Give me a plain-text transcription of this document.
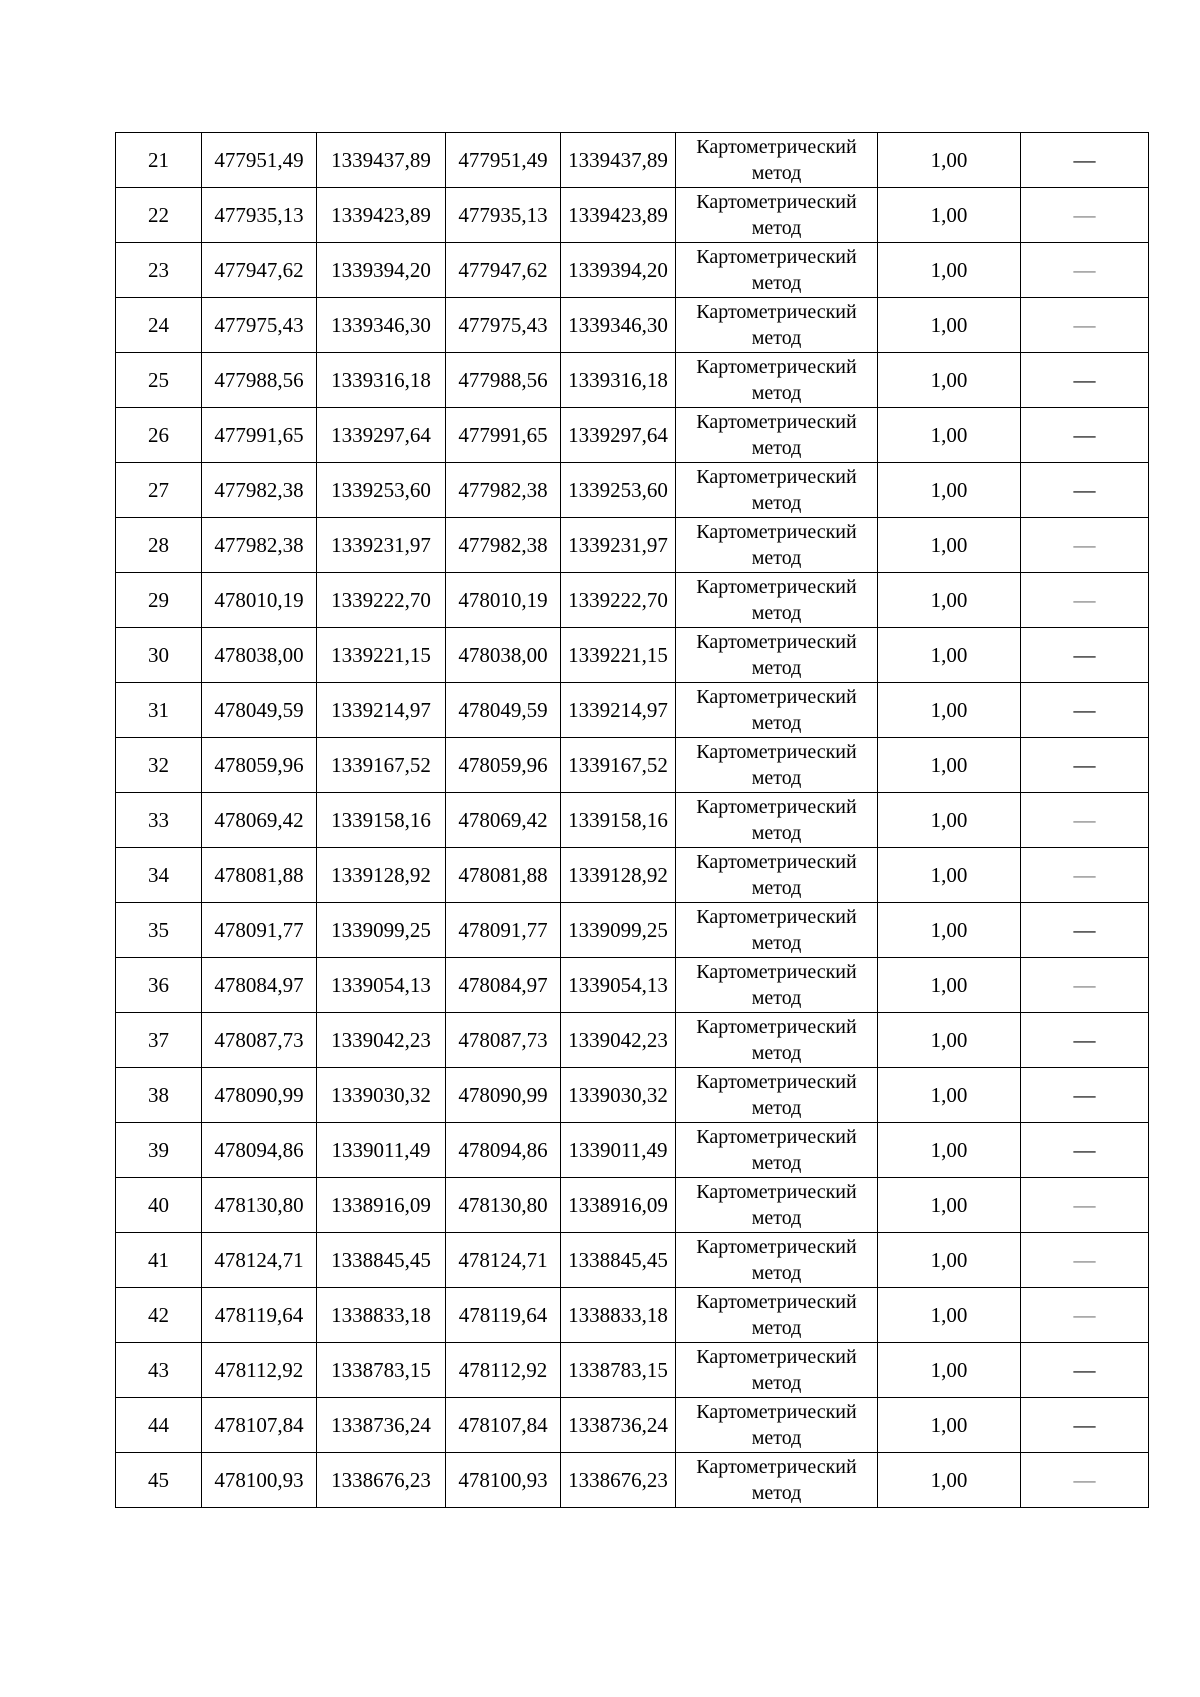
21	477951,49	1339437,89	477951,49	1339437,89	Картометрический
метод	1,00	—
22	477935,13	1339423,89	477935,13	1339423,89	Картометрический
метод	1,00	—
23	477947,62	1339394,20	477947,62	1339394,20	Картометрический
метод	1,00	—
24	477975,43	1339346,30	477975,43	1339346,30	Картометрический
метод	1,00	—
25	477988,56	1339316,18	477988,56	1339316,18	Картометрический
метод	1,00	—
26	477991,65	1339297,64	477991,65	1339297,64	Картометрический
метод	1,00	—
27	477982,38	1339253,60	477982,38	1339253,60	Картометрический
метод	1,00	—
28	477982,38	1339231,97	477982,38	1339231,97	Картометрический
метод	1,00	—
29	478010,19	1339222,70	478010,19	1339222,70	Картометрический
метод	1,00	—
30	478038,00	1339221,15	478038,00	1339221,15	Картометрический
метод	1,00	—
31	478049,59	1339214,97	478049,59	1339214,97	Картометрический
метод	1,00	—
32	478059,96	1339167,52	478059,96	1339167,52	Картометрический
метод	1,00	—
33	478069,42	1339158,16	478069,42	1339158,16	Картометрический
метод	1,00	—
34	478081,88	1339128,92	478081,88	1339128,92	Картометрический
метод	1,00	—
35	478091,77	1339099,25	478091,77	1339099,25	Картометрический
метод	1,00	—
36	478084,97	1339054,13	478084,97	1339054,13	Картометрический
метод	1,00	—
37	478087,73	1339042,23	478087,73	1339042,23	Картометрический
метод	1,00	—
38	478090,99	1339030,32	478090,99	1339030,32	Картометрический
метод	1,00	—
39	478094,86	1339011,49	478094,86	1339011,49	Картометрический
метод	1,00	—
40	478130,80	1338916,09	478130,80	1338916,09	Картометрический
метод	1,00	—
41	478124,71	1338845,45	478124,71	1338845,45	Картометрический
метод	1,00	—
42	478119,64	1338833,18	478119,64	1338833,18	Картометрический
метод	1,00	—
43	478112,92	1338783,15	478112,92	1338783,15	Картометрический
метод	1,00	—
44	478107,84	1338736,24	478107,84	1338736,24	Картометрический
метод	1,00	—
45	478100,93	1338676,23	478100,93	1338676,23	Картометрический
метод	1,00	—
